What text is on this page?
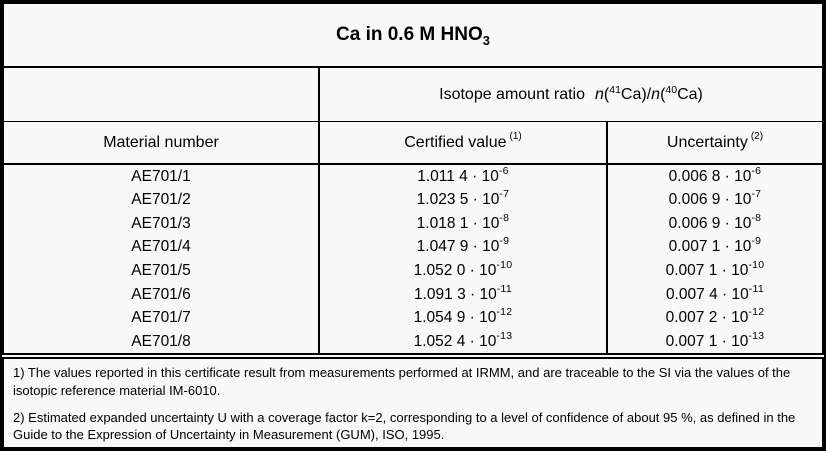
Ca in 0.6 M $HNO_3$
Isotope amount ratio n($^{41}$Ca)/n($^{40}$Ca)
Material number	Certified value (1)	Uncertainty (2)
AE701/1	1.011 4 · 10 -6	0.006 8 · 10 -6
AE701/2	1.023 5 · 10 -7	0.006 9 · 10 -7
AE701/3	1.018 1 · 10 -8	0.006 9 · 10 -8
AE701/4	1.047 9 · 10 -9	0.007 1 · 10 -9
AE701/5	1.052 0 · 10 -10	0.007 1 · 10 -10
AE701/6	1.091 3 · 10 -11	0.007 4 · 10 -11
AE701/7	1.054 9 · 10 -12	0.007 2 · 10 -12
AE701/8	1.052 4 · 10 -13	0.007 1 · 10 -13

1) The values reported in this certificate result from measurements performed at IRMM, and are traceable to the SI via the values of the isotopic reference material IM-6010.

2) Estimated expanded uncertainty U with a coverage factor k=2, corresponding to a level of confidence of about 95 %, as defined in the Guide to the Expression of Uncertainty in Measurement (GUM), ISO, 1995.
